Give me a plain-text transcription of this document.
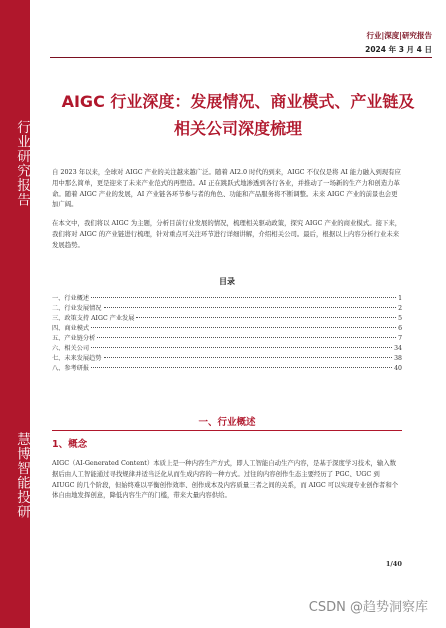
行业研究报告
慧博智能投研
行业|深度|研究报告
2024 年 3 月 4 日
AIGC 行业深度：发展情况、商业模式、产业链及相关公司深度梳理

自 2023 年以来，全球对 AIGC 产业的关注越来越广泛。随着 AI2.0 时代的到来，AIGC 不仅仅是将 AI 能力融入到现有应用中那么简单，更是迎来了未来产业范式的再塑造。AI 正在跳跃式地渗透到各行各业，并推动了一场新的生产力和创造力革命。随着 AIGC 产业的发展，AI 产业链各环节参与者的角色、功能和产品服务将不断调整。未来 AIGC 产业的前景也会更加广阔。

在本文中，我们将以 AIGC 为主题，分析目前行业发展的情况，梳理相关驱动政策，探究 AIGC 产业的商业模式。接下来，我们将对 AIGC 的产业链进行梳理，针对重点可关注环节进行详细讲解，介绍相关公司。最后，根据以上内容分析行业未来发展趋势。

目录
一、行业概述	1
二、行业发展情况	2
三、政策支持 AIGC 产业发展	5
四、商业模式	6
五、产业链分析	7
六、相关公司	34
七、未来发展趋势	38
八、参考研报	40
一、行业概述
1、概念

AIGC（AI-Generated Content）本质上是一种内容生产方式，即人工智能自动生产内容，是基于深度学习技术，输入数据后由人工智能通过寻找规律并适当泛化从而生成内容的一种方式。过往的内容创作生态主要经历了 PGC、UGC 到 AIUGC 的几个阶段，但始终难以平衡创作效率、创作成本及内容质量三者之间的关系，而 AIGC 可以实现专业创作者和个体自由地发挥创意，降低内容生产的门槛，带来大量内容供给。

1/40
CSDN @趋势洞察库
